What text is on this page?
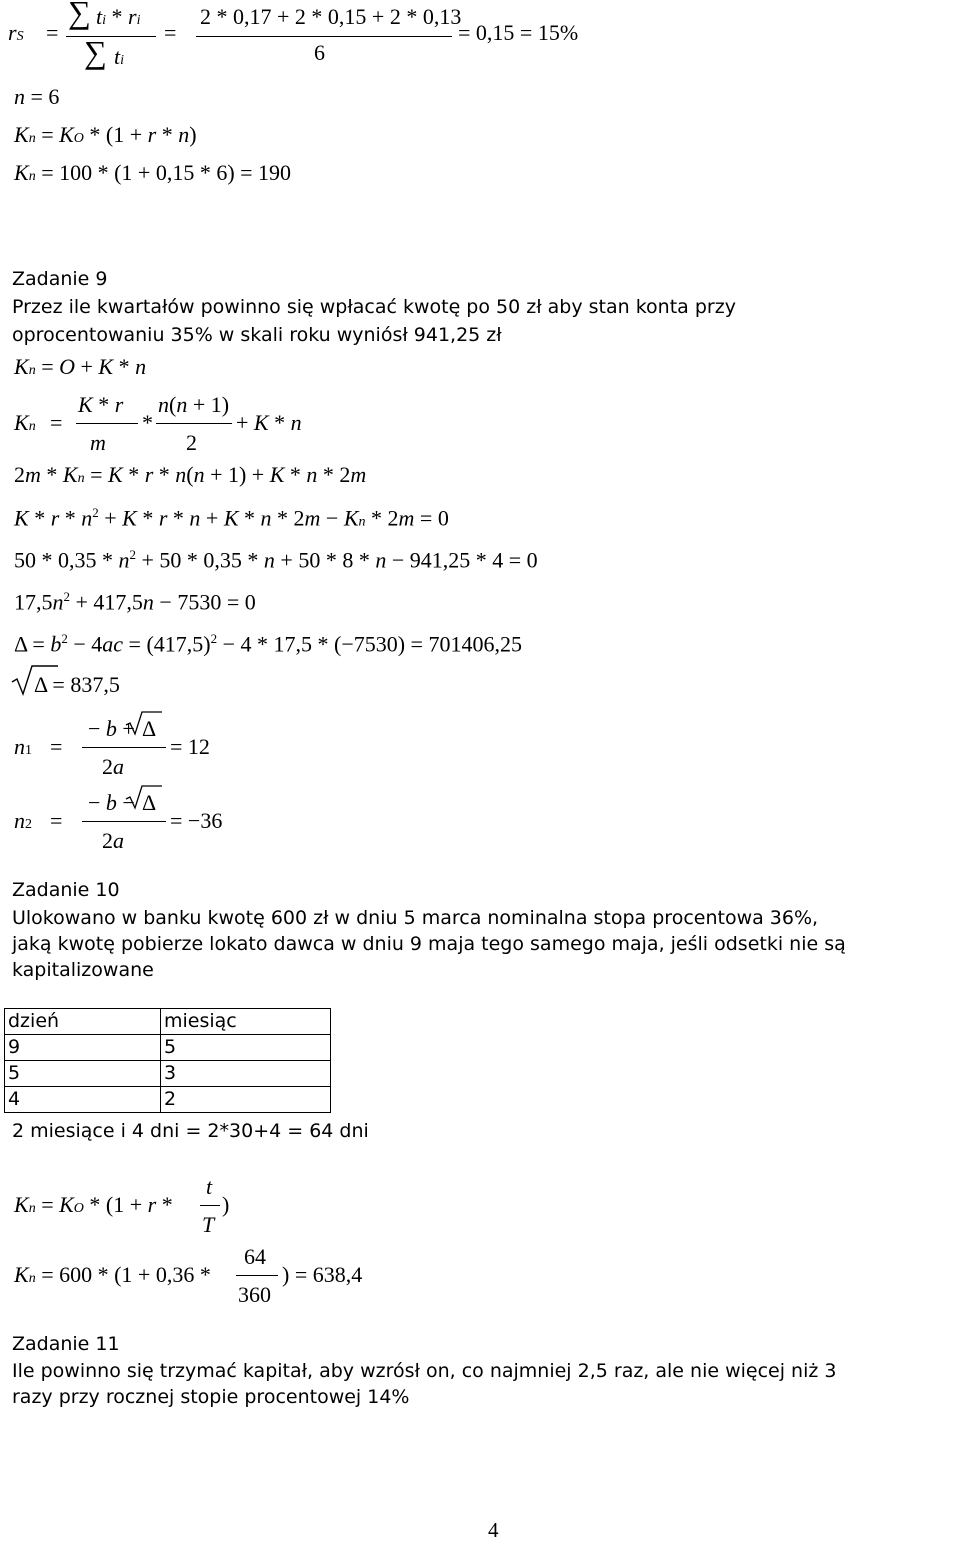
rS =
∑ ti * ri
∑ ti
=
2 * 0,17 + 2 * 0,15 + 2 * 0,13
6
= 0,15 = 15%
n = 6
Kn = KO * (1 + r * n)
Kn = 100 * (1 + 0,15 * 6) = 190
Zadanie 9
Przez ile kwartałów powinno się wpłacać kwotę po 50 zł aby stan konta przy
oprocentowaniu 35% w skali roku wyniósł 941,25 zł
Kn = O + K * n
Kn =
K * r
m
*
n(n + 1)
2
+ K * n
2m * Kn = K * r * n(n + 1) + K * n * 2m
$K * r * n^2 + K * r * n + K * n * 2m - Kn * 2m = 0$
$50 * 0,35 * n^2 + 50 * 0,35 * n + 50 * 8 * n - 941,25 * 4 = 0$
$17,5n^2 + 417,5n - 7530 = 0$
$\Delta = b^2 - 4ac = (417,5)^2 - 4 * 17,5 * (-7530) = 701406,25$
Δ = 837,5
n1 =
− b + Δ
2a
= 12
n2 =
− b − Δ
2a
= −36
Zadanie 10
Ulokowano w banku kwotę 600 zł w dniu 5 marca nominalna stopa procentowa 36%,
jaką kwotę pobierze lokato dawca w dniu 9 maja tego samego maja, jeśli odsetki nie są
kapitalizowane
dzień	miesiąc
9	5
5	3
4	2
2 miesiące i 4 dni = 2*30+4 = 64 dni
Kn = KO * (1 + r *
t
T
)
Kn = 600 * (1 + 0,36 *
64
360
) = 638,4
Zadanie 11
Ile powinno się trzymać kapitał, aby wzrósł on, co najmniej 2,5 raz, ale nie więcej niż 3
razy przy rocznej stopie procentowej 14%
4
